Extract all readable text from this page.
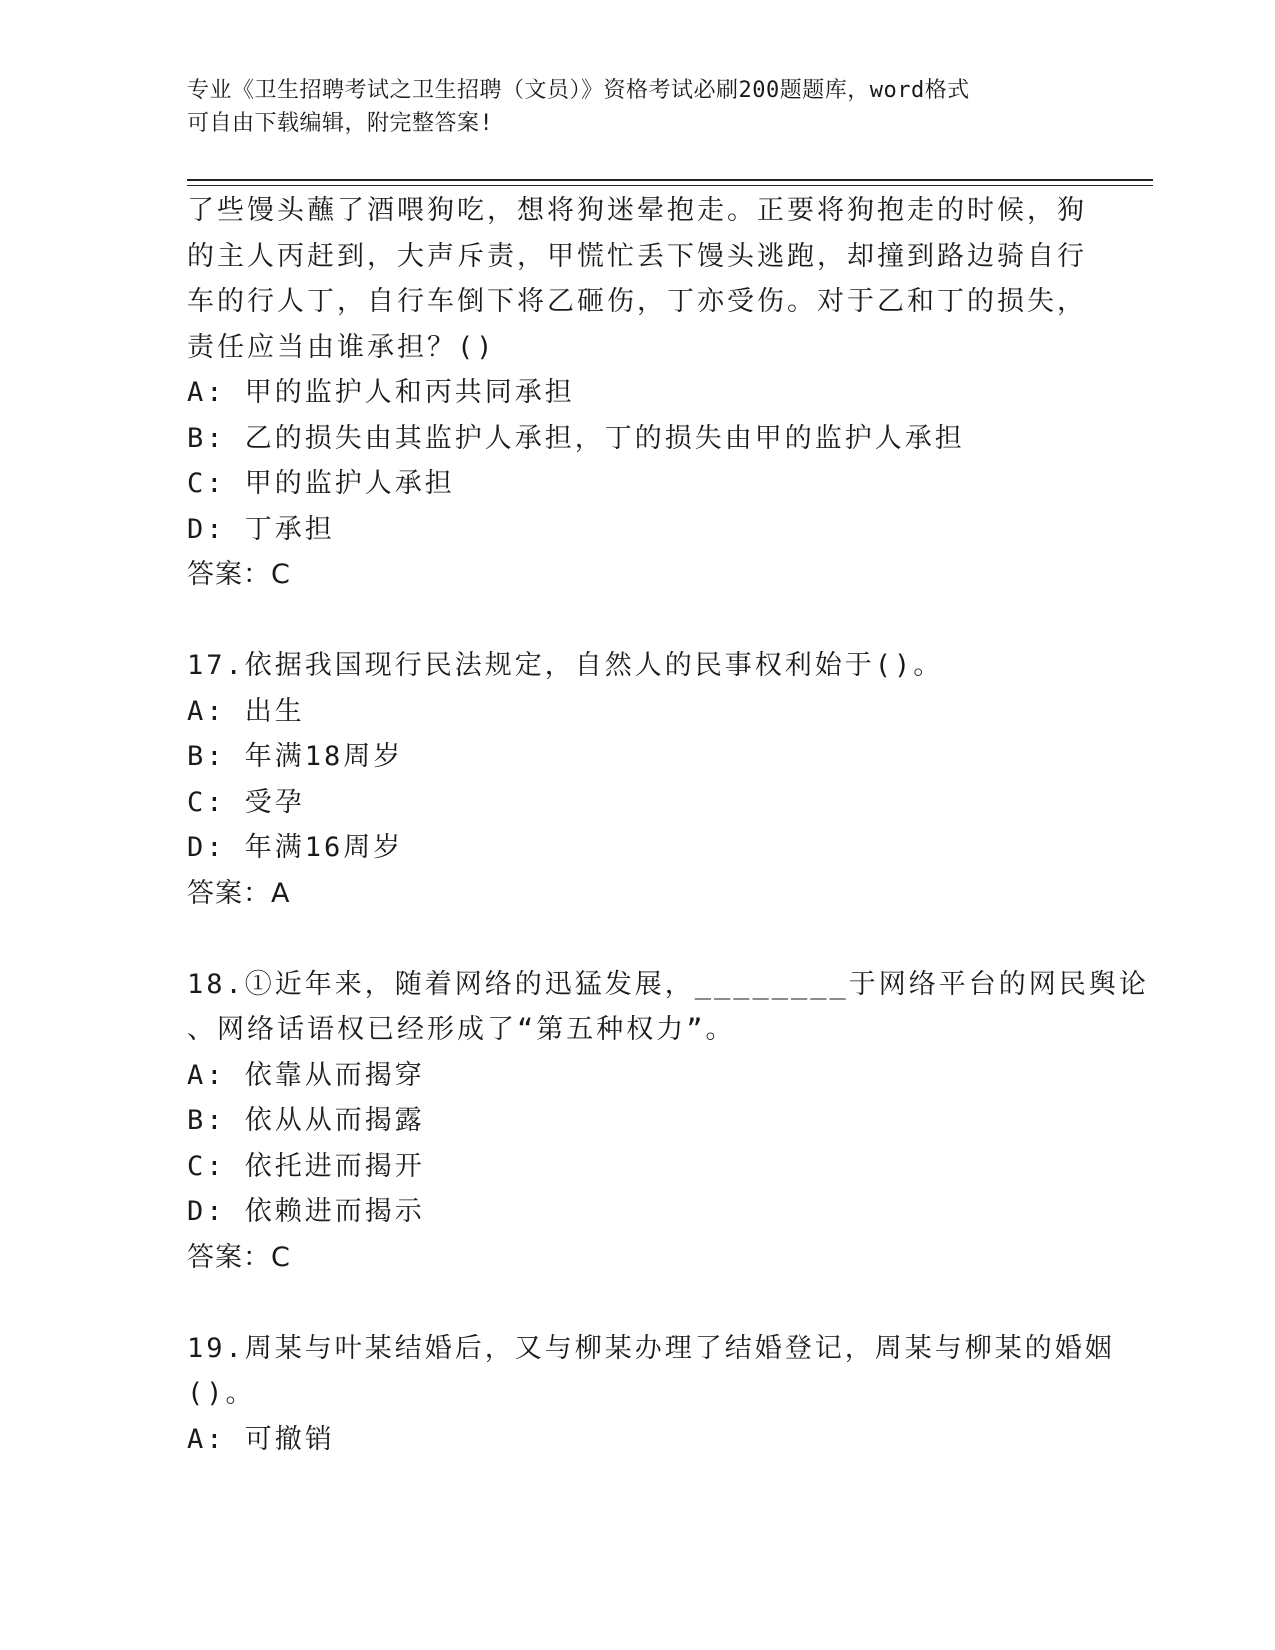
专业《卫生招聘考试之卫生招聘（文员）》资格考试必刷200题题库，word格式
可自由下载编辑，附完整答案!
了些馒头蘸了酒喂狗吃，想将狗迷晕抱走。正要将狗抱走的时候，狗
的主人丙赶到，大声斥责，甲慌忙丢下馒头逃跑，却撞到路边骑自行
车的行人丁，自行车倒下将乙砸伤，丁亦受伤。对于乙和丁的损失，
责任应当由谁承担？()
A: 甲的监护人和丙共同承担
B: 乙的损失由其监护人承担，丁的损失由甲的监护人承担
C: 甲的监护人承担
D: 丁承担
答案：C
17.依据我国现行民法规定，自然人的民事权利始于()。
A: 出生
B: 年满18周岁
C: 受孕
D: 年满16周岁
答案：A
18.①近年来，随着网络的迅猛发展，________于网络平台的网民舆论
、网络话语权已经形成了“第五种权力”。
A: 依靠从而揭穿
B: 依从从而揭露
C: 依托进而揭开
D: 依赖进而揭示
答案：C
19.周某与叶某结婚后，又与柳某办理了结婚登记，周某与柳某的婚姻
()。
A: 可撤销
